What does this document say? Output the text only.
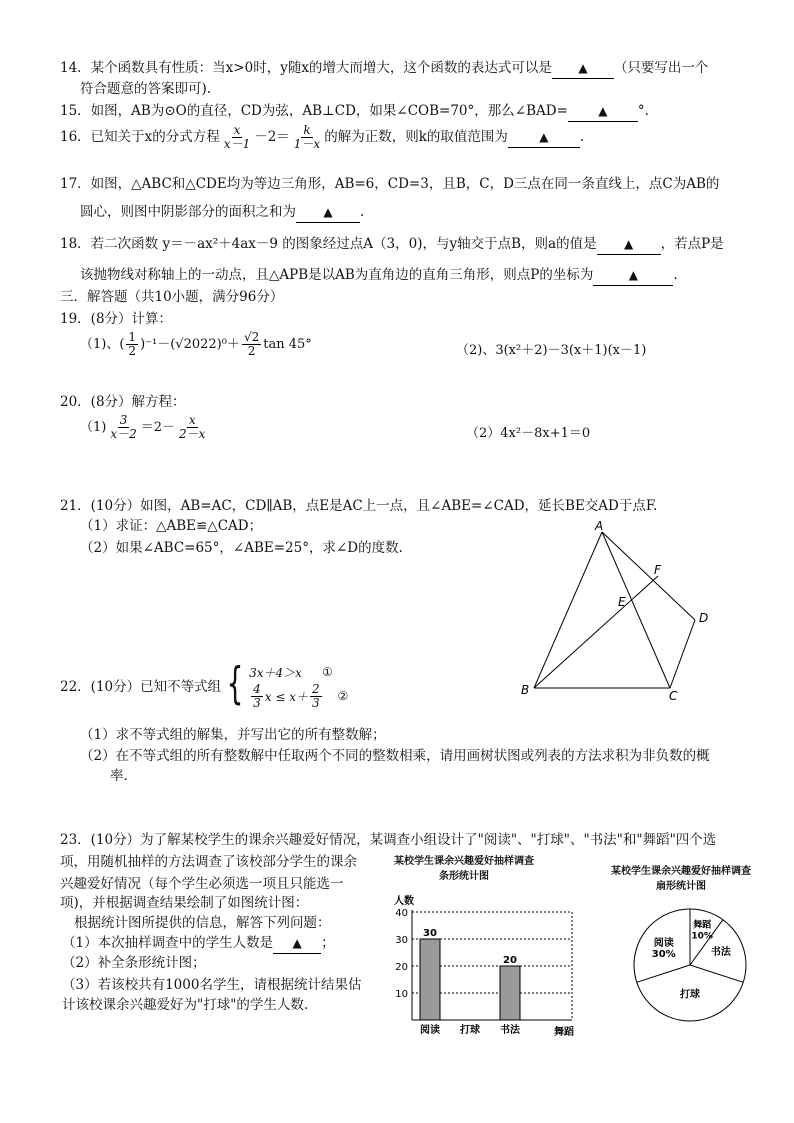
14．某个函数具有性质：当x>0时，y随x的增大而增大，这个函数的表达式可以是 ▲ （只要写出一个
符合题意的答案即可).
15．如图，AB为⊙O的直径，CD为弦，AB⊥CD，如果∠COB=70°，那么∠BAD=	▲ °.
16．已知关于x的分式方程 $\frac{x}{x-1} -2= \frac{k}{1-x}$ 的解为正数，则k的取值范围为	▲ .
17．如图，△ABC和△CDE均为等边三角形，AB=6，CD=3，且B，C，D三点在同一条直线上，点C为AB的
圆心，则图中阴影部分的面积之和为 ▲ .
18．若二次函数 y＝－ax²＋4ax－9 的图象经过点A（3，0)，与y轴交于点B，则a的值是 ▲ ，若点P是
该抛物线对称轴上的一动点，且△APB是以AB为直角边的直角三角形，则点P的坐标为	▲	.
三．解答题（共10小题，满分96分）
19．(8分）计算：
（1)、( $\frac{1}{2} )^{-1}-(√2022)^0+ \frac{√2}{2}$ tan 45°	（2)、3(x²＋2)－3(x＋1)(x－1)
20．(8分）解方程：
$(1) \frac{3}{x-2} =2- \frac{x}{2-x}$	（2）4x²－8x+1＝0
21．(10分）如图，AB=AC，CD∥AB，点E是AC上一点，且∠ABE=∠CAD，延长BE交AD于点F.
（1）求证：△ABE≌△CAD；
（2）如果∠ABC=65°，∠ABE=25°，求∠D的度数.
A
B	C
D
E
F
22．(10分）已知不等式组 { 3x＋4＞x ①
$\frac{4}{3}$ $x \le x+ \frac{2}{3}$ ②
（1）求不等式组的解集，并写出它的所有整数解；
（2）在不等式组的所有整数解中任取两个不同的整数相乘，请用画树状图或列表的方法求积为非负数的概
率.
23．(10分）为了解某校学生的课余兴趣爱好情况，某调查小组设计了"阅读"、"打球"、"书法"和"舞蹈"四个选
项，用随机抽样的方法调查了该校部分学生的课余
兴趣爱好情况（每个学生必须选一项且只能选一
项)，并根据调查结果绘制了如图统计图：
根据统计图所提供的信息，解答下列问题：
（1）本次抽样调查中的学生人数是 ▲ ；
（2）补全条形统计图；
（3）若该校共有1000名学生，请根据统计结果估
计该校课余兴趣爱好为"打球"的学生人数.
某校学生课余兴趣爱好抽样调查
条形统计图
人数
10
20
30
40
30
阅读 打球
20
书法	舞蹈
某校学生课余兴趣爱好抽样调查
扇形统计图
阅读
30%
舞蹈
10%
书法
打球
